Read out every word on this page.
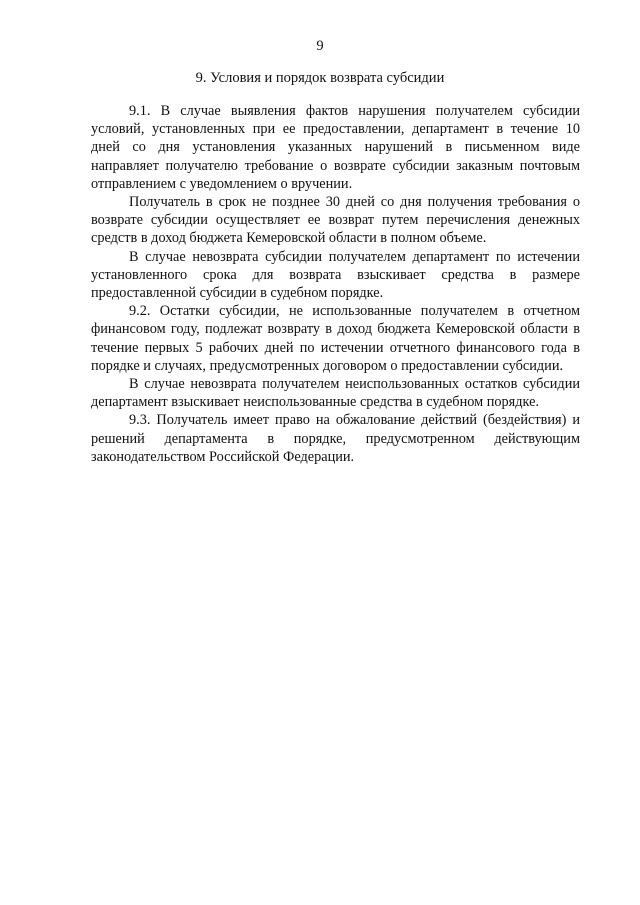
9
9. Условия и порядок возврата субсидии

9.1. В случае выявления фактов нарушения получателем субсидии условий, установленных при ее предоставлении, департамент в течение 10 дней со дня установления указанных нарушений в письменном виде направляет получателю требование о возврате субсидии заказным почтовым отправлением с уведомлением о вручении.

Получатель в срок не позднее 30 дней со дня получения требования о возврате субсидии осуществляет ее возврат путем перечисления денежных средств в доход бюджета Кемеровской области в полном объеме.

В случае невозврата субсидии получателем департамент по истечении установленного срока для возврата взыскивает средства в размере предоставленной субсидии в судебном порядке.

9.2. Остатки субсидии, не использованные получателем в отчетном финансовом году, подлежат возврату в доход бюджета Кемеровской области в течение первых 5 рабочих дней по истечении отчетного финансового года в порядке и случаях, предусмотренных договором о предоставлении субсидии.

В случае невозврата получателем неиспользованных остатков субсидии департамент взыскивает неиспользованные средства в судебном порядке.

9.3. Получатель имеет право на обжалование действий (бездействия) и решений департамента в порядке, предусмотренном действующим законодательством Российской Федерации.
